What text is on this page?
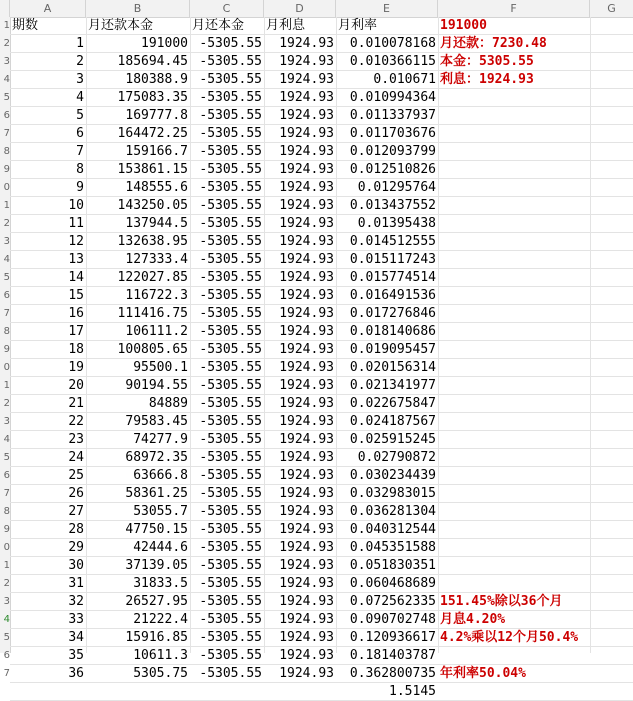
A	B	C	D	E	F	G
1
2
3
4
5
6
7
8
9
0
1
2
3
4
5
6
7
8
9
0
1
2
3
4
5
6
7
8
9
0
1
2
3
4
5
6
7
期数	月还款本金	月还本金	月利息	月利率	191000
1	191000 -5305.55	1924.93	0.010078168 月还款：7230.48
2	185694.45 -5305.55	1924.93	0.010366115 本金：5305.55
3	180388.9 -5305.55	1924.93	0.010671 利息：1924.93
4	175083.35 -5305.55	1924.93	0.010994364
5	169777.8 -5305.55	1924.93	0.011337937
6	164472.25 -5305.55	1924.93	0.011703676
7	159166.7 -5305.55	1924.93	0.012093799
8	153861.15 -5305.55	1924.93	0.012510826
9	148555.6 -5305.55	1924.93	0.01295764
10	143250.05 -5305.55	1924.93	0.013437552
11	137944.5 -5305.55	1924.93	0.01395438
12	132638.95 -5305.55	1924.93	0.014512555
13	127333.4 -5305.55	1924.93	0.015117243
14	122027.85 -5305.55	1924.93	0.015774514
15	116722.3 -5305.55	1924.93	0.016491536
16	111416.75 -5305.55	1924.93	0.017276846
17	106111.2 -5305.55	1924.93	0.018140686
18	100805.65 -5305.55	1924.93	0.019095457
19	95500.1 -5305.55	1924.93	0.020156314
20	90194.55 -5305.55	1924.93	0.021341977
21	84889 -5305.55	1924.93	0.022675847
22	79583.45 -5305.55	1924.93	0.024187567
23	74277.9 -5305.55	1924.93	0.025915245
24	68972.35 -5305.55	1924.93	0.02790872
25	63666.8 -5305.55	1924.93	0.030234439
26	58361.25 -5305.55	1924.93	0.032983015
27	53055.7 -5305.55	1924.93	0.036281304
28	47750.15 -5305.55	1924.93	0.040312544
29	42444.6 -5305.55	1924.93	0.045351588
30	37139.05 -5305.55	1924.93	0.051830351
31	31833.5 -5305.55	1924.93	0.060468689
32	26527.95 -5305.55	1924.93	0.072562335 151.45%除以36个月
33	21222.4 -5305.55	1924.93	0.090702748 月息4.20%
34	15916.85 -5305.55	1924.93	0.120936617 4.2%乘以12个月50.4%
35	10611.3 -5305.55	1924.93	0.181403787
36	5305.75 -5305.55	1924.93	0.362800735 年利率50.04%
1.5145
